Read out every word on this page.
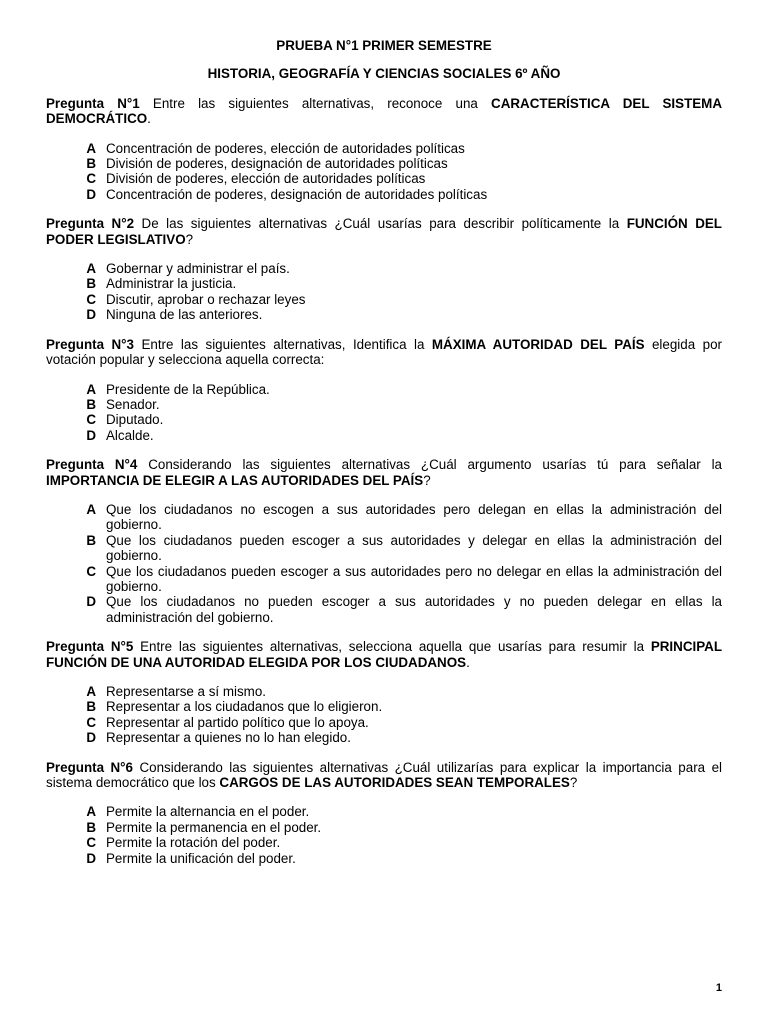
PRUEBA N°1 PRIMER SEMESTRE

HISTORIA, GEOGRAFÍA Y CIENCIAS SOCIALES 6º AÑO

Pregunta N°1 Entre las siguientes alternativas, reconoce una CARACTERÍSTICA DEL SISTEMA DEMOCRÁTICO.

A Concentración de poderes, elección de autoridades políticas
B División de poderes, designación de autoridades políticas
C División de poderes, elección de autoridades políticas
D Concentración de poderes, designación de autoridades políticas

Pregunta N°2 De las siguientes alternativas ¿Cuál usarías para describir políticamente la FUNCIÓN DEL PODER LEGISLATIVO?

A Gobernar y administrar el país.
B Administrar la justicia.
C Discutir, aprobar o rechazar leyes
D Ninguna de las anteriores.

Pregunta N°3 Entre las siguientes alternativas, Identifica la MÁXIMA AUTORIDAD DEL PAÍS elegida por votación popular y selecciona aquella correcta:

A Presidente de la República.
B Senador.
C Diputado.
D Alcalde.

Pregunta N°4 Considerando las siguientes alternativas ¿Cuál argumento usarías tú para señalar la IMPORTANCIA DE ELEGIR A LAS AUTORIDADES DEL PAÍS?

A Que los ciudadanos no escogen a sus autoridades pero delegan en ellas la administración del gobierno.
B Que los ciudadanos pueden escoger a sus autoridades y delegar en ellas la administración del gobierno.
C Que los ciudadanos pueden escoger a sus autoridades pero no delegar en ellas la administración del gobierno.
D Que los ciudadanos no pueden escoger a sus autoridades y no pueden delegar en ellas la administración del gobierno.

Pregunta N°5 Entre las siguientes alternativas, selecciona aquella que usarías para resumir la PRINCIPAL FUNCIÓN DE UNA AUTORIDAD ELEGIDA POR LOS CIUDADANOS.

A Representarse a sí mismo.
B Representar a los ciudadanos que lo eligieron.
C Representar al partido político que lo apoya.
D Representar a quienes no lo han elegido.

Pregunta N°6 Considerando las siguientes alternativas ¿Cuál utilizarías para explicar la importancia para el sistema democrático que los CARGOS DE LAS AUTORIDADES SEAN TEMPORALES?

A Permite la alternancia en el poder.
B Permite la permanencia en el poder.
C Permite la rotación del poder.
D Permite la unificación del poder.
1
